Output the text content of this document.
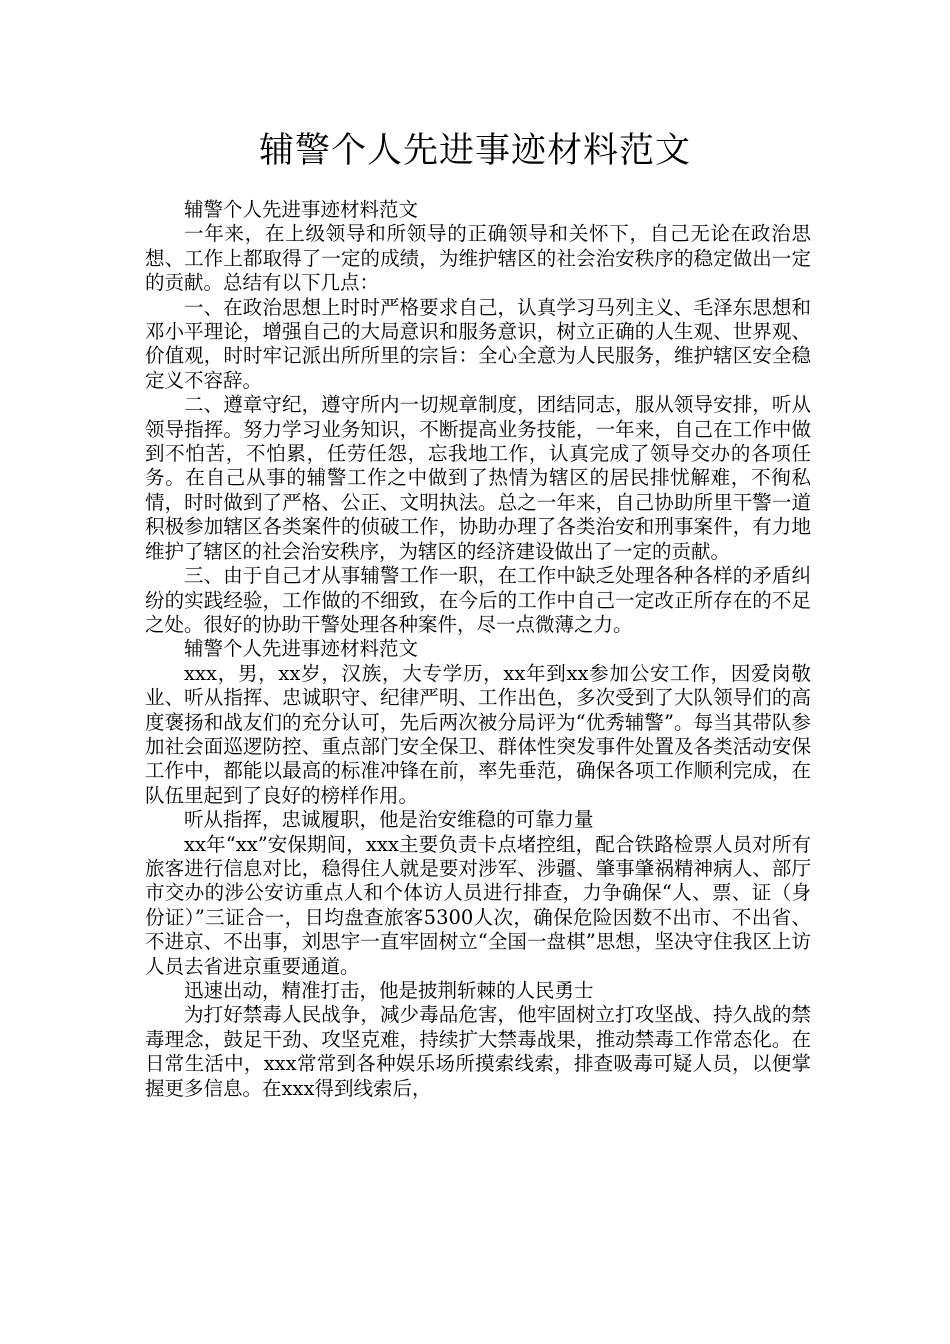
辅警个人先进事迹材料范文

辅警个人先进事迹材料范文

一年来，在上级领导和所领导的正确领导和关怀下，自己无论在政治思想、工作上都取得了一定的成绩，为维护辖区的社会治安秩序的稳定做出一定的贡献。总结有以下几点：

一、在政治思想上时时严格要求自己，认真学习马列主义、毛泽东思想和邓小平理论，增强自己的大局意识和服务意识，树立正确的人生观、世界观、价值观，时时牢记派出所所里的宗旨：全心全意为人民服务，维护辖区安全稳定义不容辞。

二、遵章守纪，遵守所内一切规章制度，团结同志，服从领导安排，听从领导指挥。努力学习业务知识，不断提高业务技能，一年来，自己在工作中做到不怕苦，不怕累，任劳任怨，忘我地工作，认真完成了领导交办的各项任务。在自己从事的辅警工作之中做到了热情为辖区的居民排忧解难，不徇私情，时时做到了严格、公正、文明执法。总之一年来，自己协助所里干警一道积极参加辖区各类案件的侦破工作，协助办理了各类治安和刑事案件，有力地维护了辖区的社会治安秩序，为辖区的经济建设做出了一定的贡献。

三、由于自己才从事辅警工作一职，在工作中缺乏处理各种各样的矛盾纠纷的实践经验，工作做的不细致，在今后的工作中自己一定改正所存在的不足之处。很好的协助干警处理各种案件，尽一点微薄之力。

辅警个人先进事迹材料范文

xxx，男，xx岁，汉族，大专学历，xx年到xx参加公安工作，因爱岗敬业、听从指挥、忠诚职守、纪律严明、工作出色，多次受到了大队领导们的高度褒扬和战友们的充分认可，先后两次被分局评为“优秀辅警”。每当其带队参加社会面巡逻防控、重点部门安全保卫、群体性突发事件处置及各类活动安保工作中，都能以最高的标准冲锋在前，率先垂范，确保各项工作顺利完成，在队伍里起到了良好的榜样作用。

听从指挥，忠诚履职，他是治安维稳的可靠力量

xx年“xx”安保期间，xxx主要负责卡点堵控组，配合铁路检票人员对所有旅客进行信息对比，稳得住人就是要对涉军、涉疆、肇事肇祸精神病人、部厅市交办的涉公安访重点人和个体访人员进行排查，力争确保“人、票、证（身份证）”三证合一，日均盘查旅客5300人次，确保危险因数不出市、不出省、不进京、不出事，刘思宇一直牢固树立“全国一盘棋”思想，坚决守住我区上访人员去省进京重要通道。

迅速出动，精准打击，他是披荆斩棘的人民勇士

为打好禁毒人民战争，减少毒品危害，他牢固树立打攻坚战、持久战的禁毒理念，鼓足干劲、攻坚克难，持续扩大禁毒战果，推动禁毒工作常态化。在日常生活中，xxx常常到各种娱乐场所摸索线索，排查吸毒可疑人员，以便掌握更多信息。在xxx得到线索后，
